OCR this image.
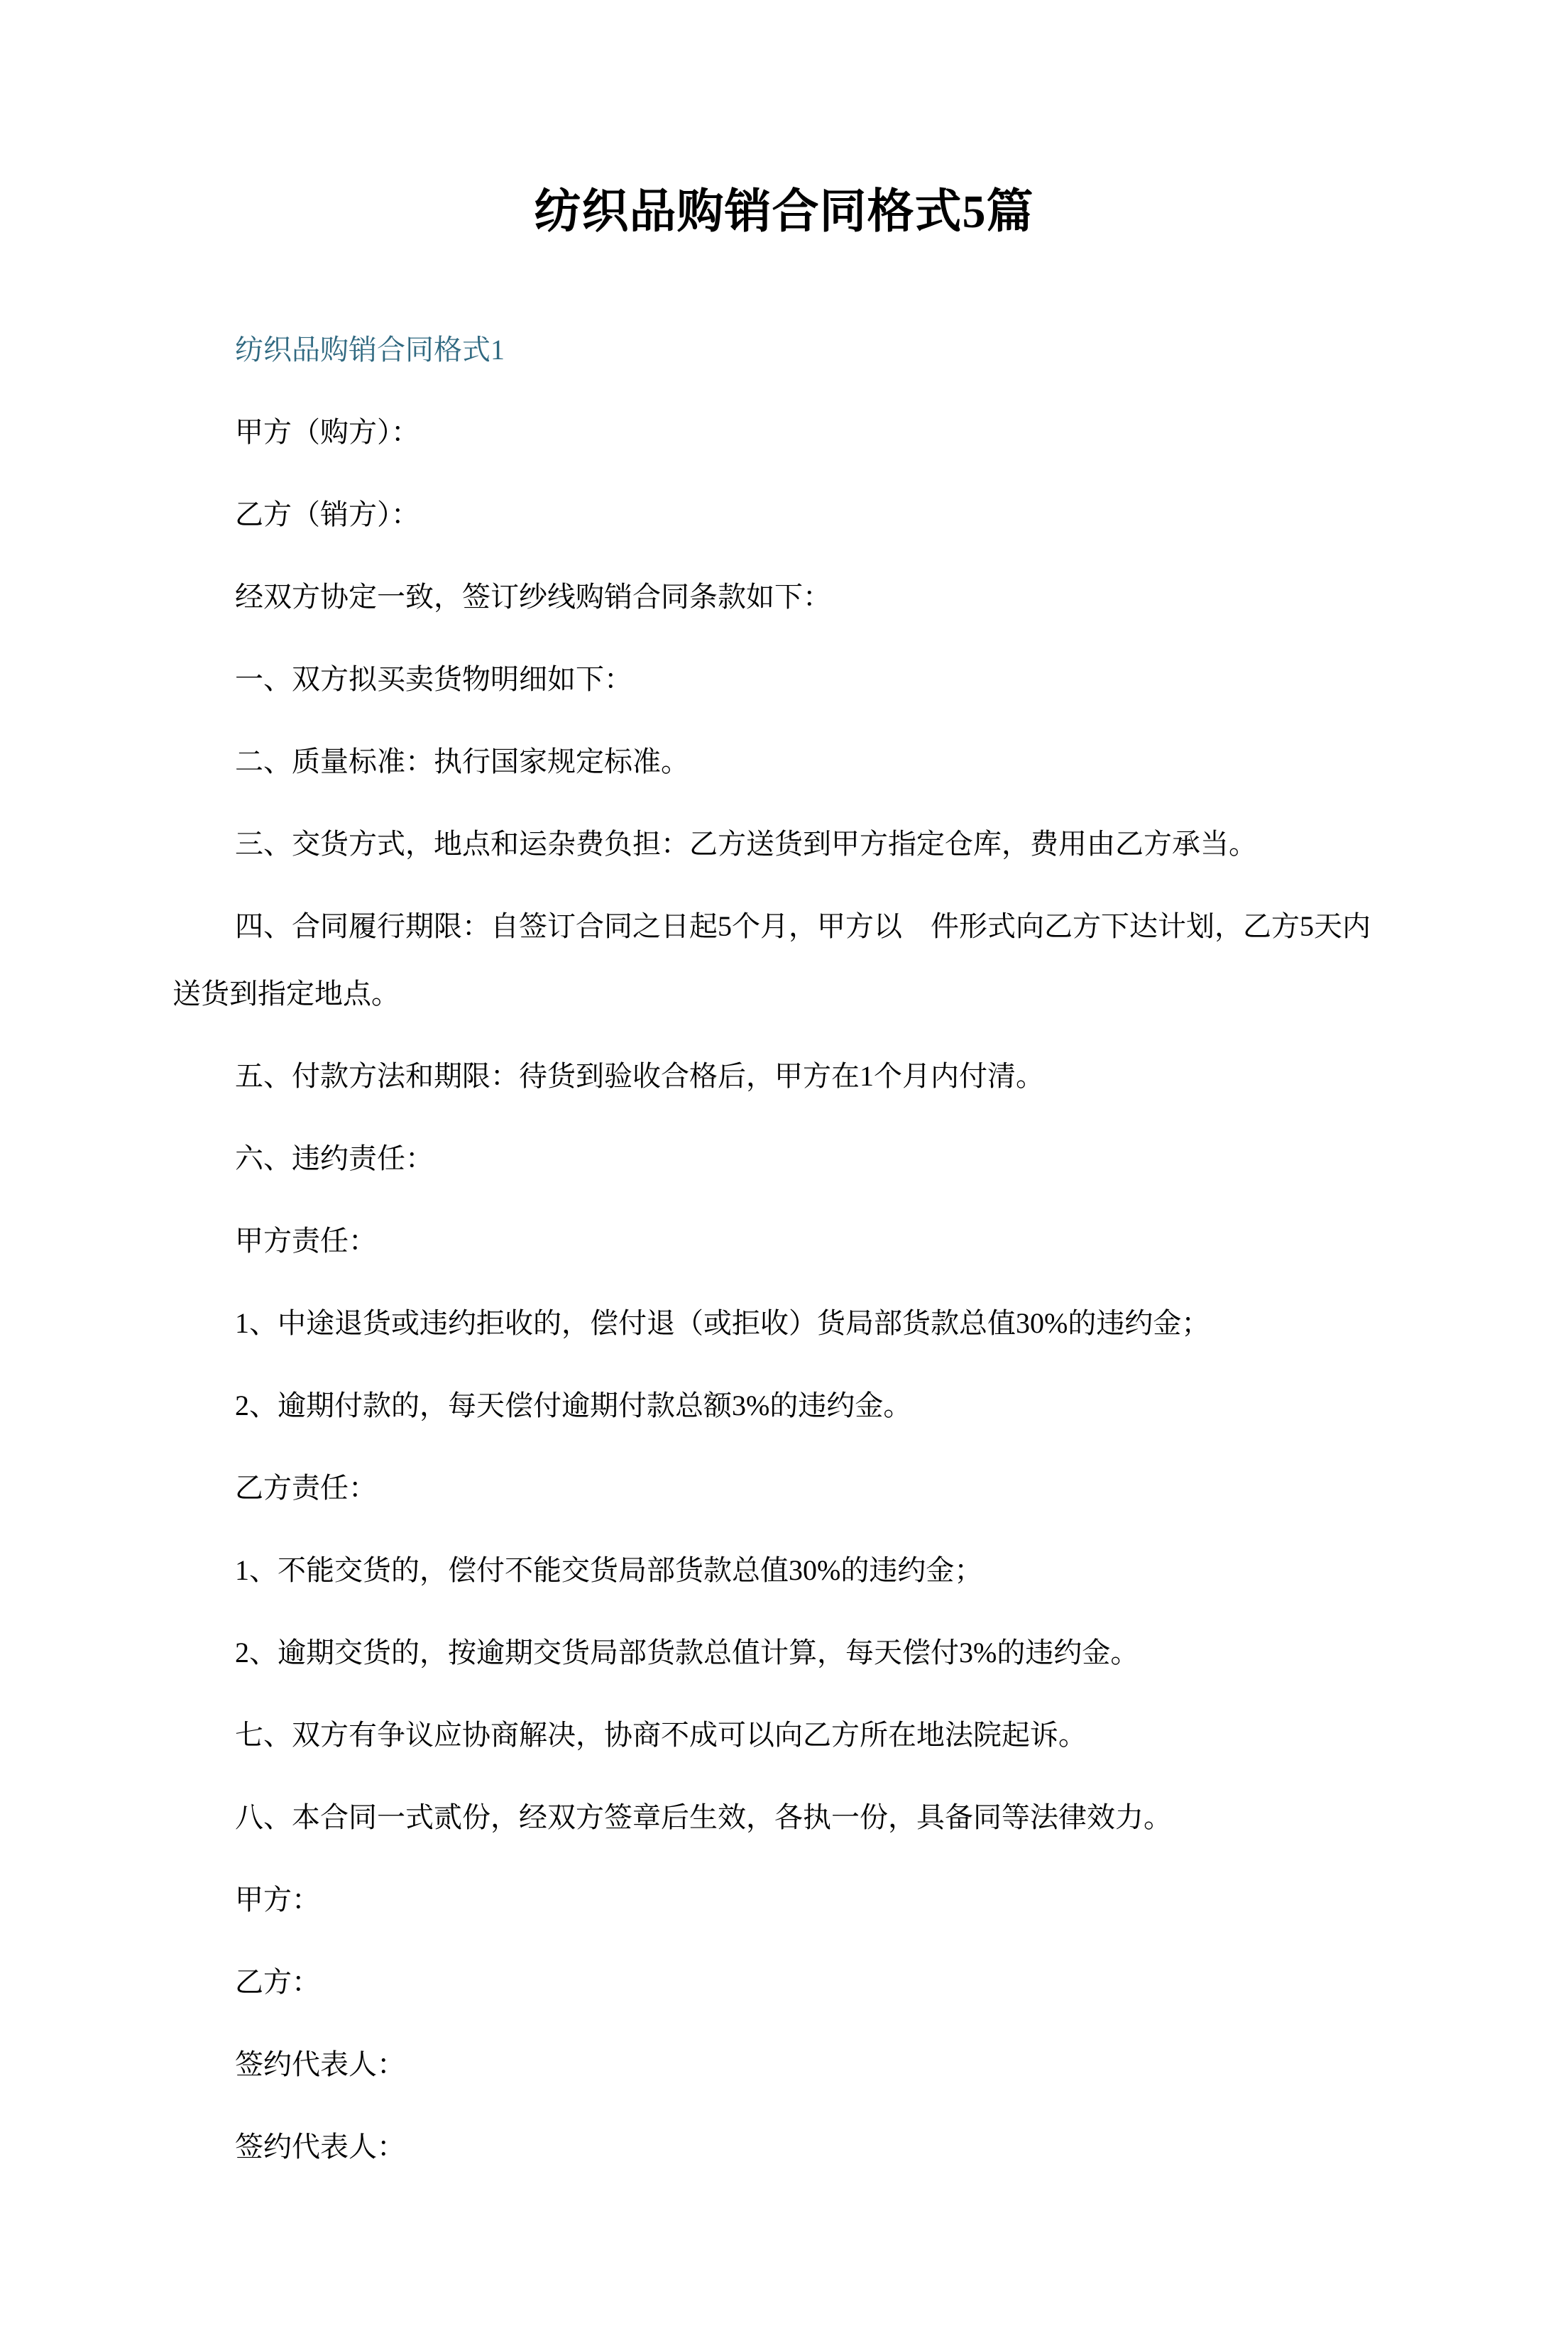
纺织品购销合同格式5篇
纺织品购销合同格式1

甲方（购方）：

乙方（销方）：

经双方协定一致，签订纱线购销合同条款如下：

一、双方拟买卖货物明细如下：

二、质量标准：执行国家规定标准。

三、交货方式，地点和运杂费负担：乙方送货到甲方指定仓库，费用由乙方承当。

四、合同履行期限：自签订合同之日起5个月，甲方以　件形式向乙方下达计划，乙方5天内送货到指定地点。

五、付款方法和期限：待货到验收合格后，甲方在1个月内付清。

六、违约责任：

甲方责任：

1、中途退货或违约拒收的，偿付退（或拒收）货局部货款总值30%的违约金；

2、逾期付款的，每天偿付逾期付款总额3%的违约金。

乙方责任：

1、不能交货的，偿付不能交货局部货款总值30%的违约金；

2、逾期交货的，按逾期交货局部货款总值计算，每天偿付3%的违约金。

七、双方有争议应协商解决，协商不成可以向乙方所在地法院起诉。

八、本合同一式贰份，经双方签章后生效，各执一份，具备同等法律效力。

甲方：

乙方：

签约代表人：

签约代表人：
